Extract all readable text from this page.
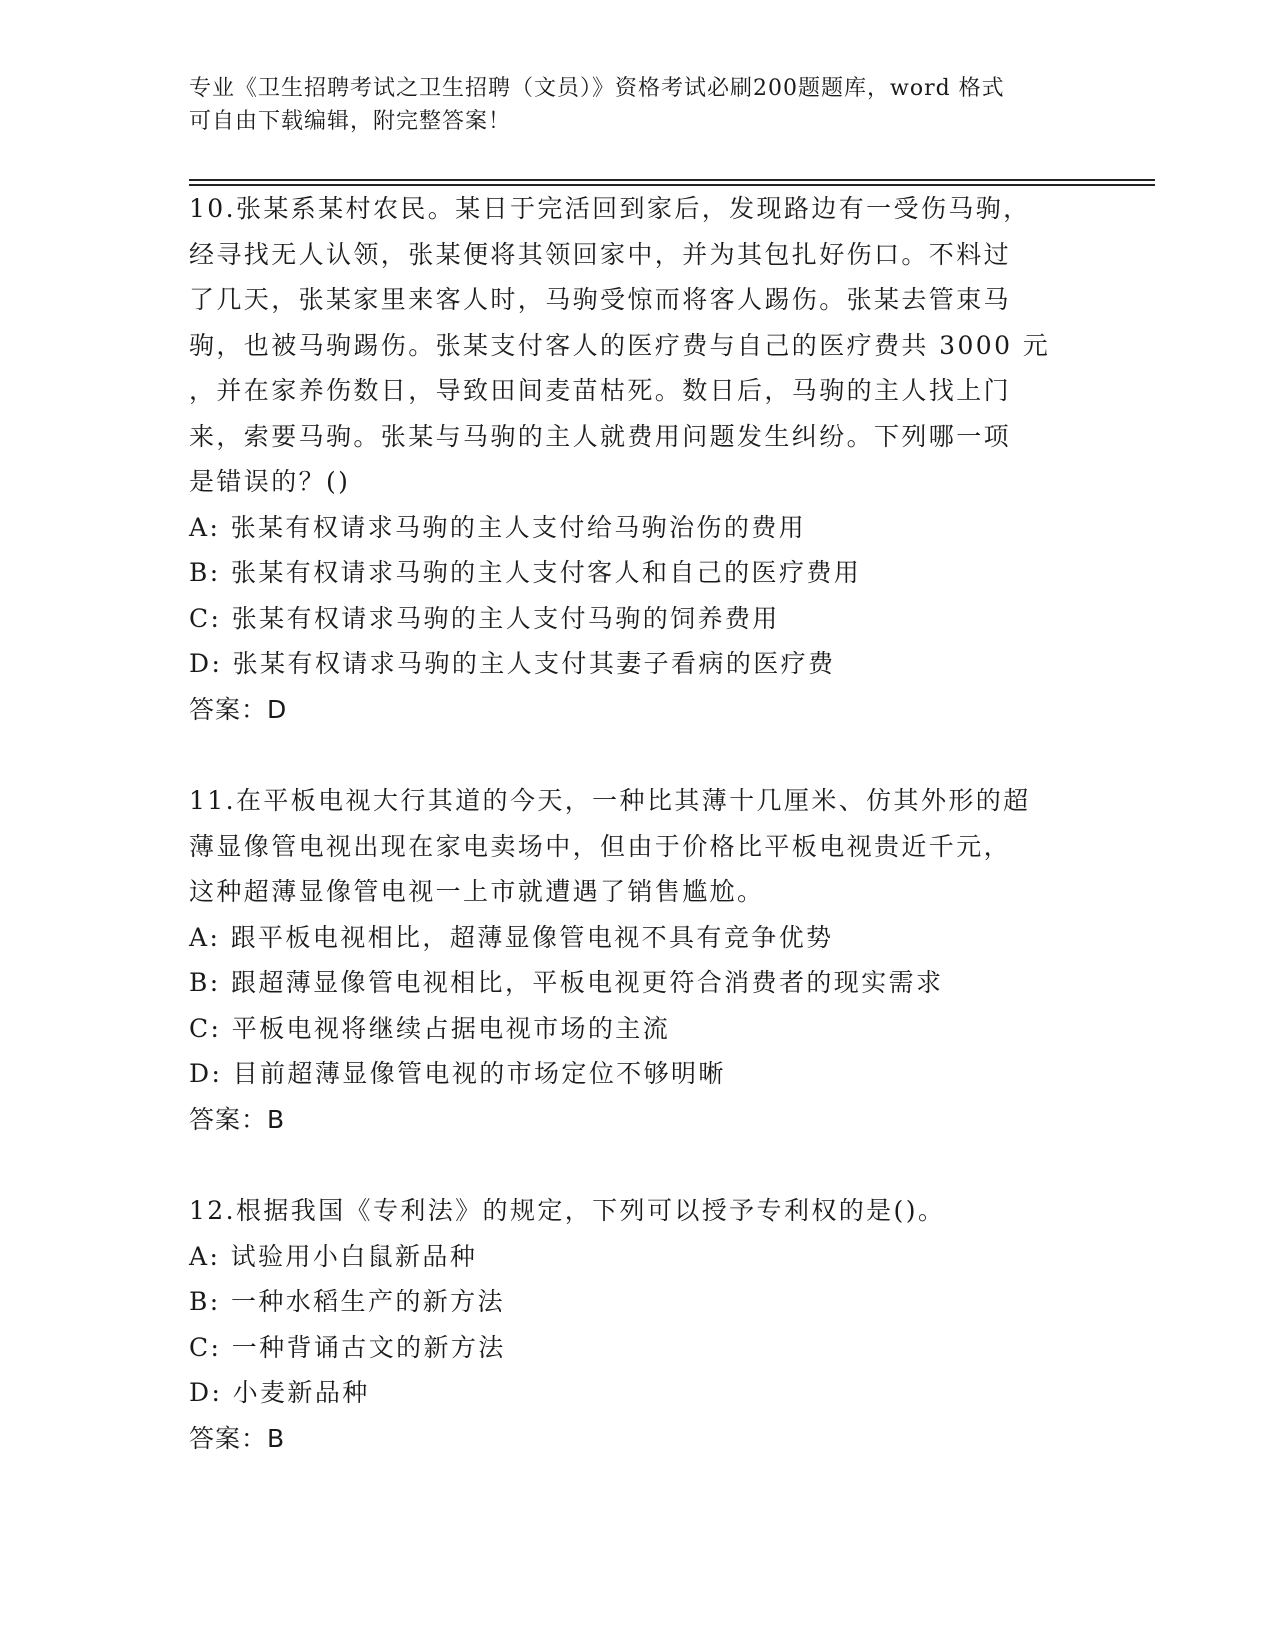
专业《卫生招聘考试之卫生招聘（文员）》资格考试必刷200题题库，word 格式
可自由下载编辑，附完整答案！
10.张某系某村农民。某日于完活回到家后，发现路边有一受伤马驹，
经寻找无人认领，张某便将其领回家中，并为其包扎好伤口。不料过
了几天，张某家里来客人时，马驹受惊而将客人踢伤。张某去管束马
驹，也被马驹踢伤。张某支付客人的医疗费与自己的医疗费共 3000 元
，并在家养伤数日，导致田间麦苗枯死。数日后，马驹的主人找上门
来，索要马驹。张某与马驹的主人就费用问题发生纠纷。下列哪一项
是错误的？()
A: 张某有权请求马驹的主人支付给马驹治伤的费用
B: 张某有权请求马驹的主人支付客人和自己的医疗费用
C: 张某有权请求马驹的主人支付马驹的饲养费用
D: 张某有权请求马驹的主人支付其妻子看病的医疗费
答案：D
11.在平板电视大行其道的今天，一种比其薄十几厘米、仿其外形的超
薄显像管电视出现在家电卖场中，但由于价格比平板电视贵近千元，
这种超薄显像管电视一上市就遭遇了销售尴尬。
A: 跟平板电视相比，超薄显像管电视不具有竞争优势
B: 跟超薄显像管电视相比，平板电视更符合消费者的现实需求
C: 平板电视将继续占据电视市场的主流
D: 目前超薄显像管电视的市场定位不够明晰
答案：B
12.根据我国《专利法》的规定，下列可以授予专利权的是()。
A: 试验用小白鼠新品种
B: 一种水稻生产的新方法
C: 一种背诵古文的新方法
D: 小麦新品种
答案：B
